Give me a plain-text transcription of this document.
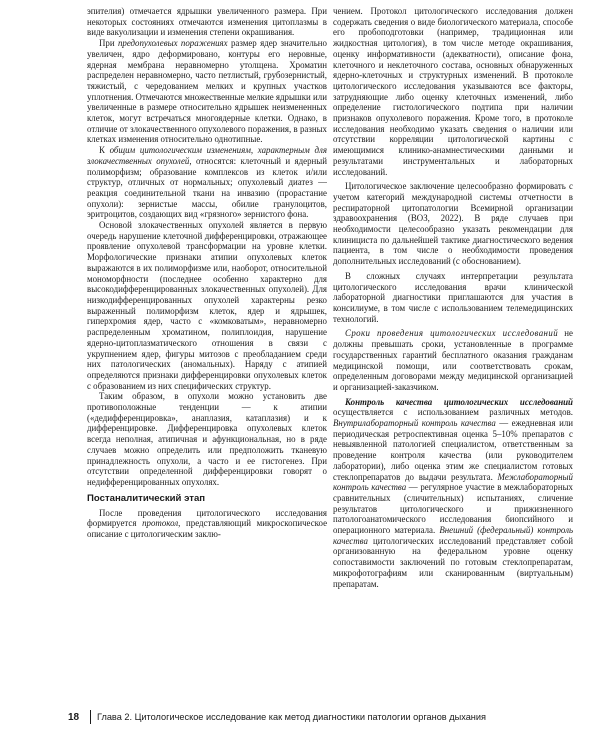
эпителия) отмечается ядрышки увеличенного размера. При некоторых состояниях отмечаются изменения цитоплазмы в виде вакуолизации и изменения степени окрашивания.

При предопухолевых поражениях размер ядер значительно увеличен, ядро деформировано, контуры его неровные, ядерная мембрана неравномерно утолщена. Хроматин распределен неравномерно, часто петлистый, грубозернистый, тяжистый, с чередованием мелких и крупных участков уплотнения. Отмечаются множественные мелкие ядрышки или увеличенные в размере относительно ядрышек неизмененных клеток, могут встречаться многоядерные клетки. Однако, в отличие от злокачественного опухолевого поражения, в разных клетках изменения относительно однотипные.

К общим цитологическим изменениям, характерным для злокачественных опухолей, относятся: клеточный и ядерный полиморфизм; образование комплексов из клеток и/или структур, отличных от нормальных; опухолевый диатез — реакция соединительной ткани на инвазию (прорастание опухоли): зернистые массы, обилие гранулоцитов, эритроцитов, создающих вид «грязного» зернистого фона.

Основой злокачественных опухолей является в первую очередь нарушение клеточной дифференцировки, отражающее проявление опухолевой трансформации на уровне клетки. Морфологические признаки атипии опухолевых клеток выражаются в их полиморфизме или, наоборот, относительной мономорфности (последнее особенно характерно для высокодифференцированных злокачественных опухолей). Для низкодифференцированных опухолей характерны резко выраженный полиморфизм клеток, ядер и ядрышек, гиперхромия ядер, часто с «комковатым», неравномерно распределенным хроматином, полиплоидия, нарушение ядерно-цитоплазматического отношения в связи с укрупнением ядер, фигуры митозов с преобладанием среди них патологических (аномальных). Наряду с атипией определяются признаки дифференцировки опухолевых клеток с образованием из них специфических структур.

Таким образом, в опухоли можно установить две противоположные тенденции — к атипии («дедифференцировка», анаплазия, катаплазия) и к дифференцировке. Дифференцировка опухолевых клеток всегда неполная, атипичная и афункциональная, но в ряде случаев можно определить или предположить тканевую принадлежность опухоли, а часто и ее гистогенез. При отсутствии определенной дифференцировки говорят о недифференцированных опухолях.

Постаналитический этап

После проведения цитологического исследования формируется протокол, представляющий микроскопическое описание с цитологическим заклю-

чением. Протокол цитологического исследования должен содержать сведения о виде биологического материала, способе его пробоподготовки (например, традиционная или жидкостная цитология), в том числе методе окрашивания, оценку информативности (адекватности), описание фона, клеточного и неклеточного состава, основных обнаруженных ядерно-клеточных и структурных изменений. В протоколе цитологического исследования указываются все факторы, затрудняющие либо оценку клеточных изменений, либо определение гистологического подтипа при наличии признаков опухолевого поражения. Кроме того, в протоколе исследования необходимо указать сведения о наличии или отсутствии корреляции цитологической картины с имеющимися клинико-анамнестическими данными и результатами инструментальных и лабораторных исследований.

Цитологическое заключение целесообразно формировать с учетом категорий международной системы отчетности в респираторной цитопатологии Всемирной организации здравоохранения (ВОЗ, 2022). В ряде случаев при необходимости целесообразно указать рекомендации для клинициста по дальнейшей тактике диагностического ведения пациента, в том числе о необходимости проведения дополнительных исследований (с обоснованием).

В сложных случаях интерпретации результата цитологического исследования врачи клинической лабораторной диагностики приглашаются для участия в консилиуме, в том числе с использованием телемедицинских технологий.

Сроки проведения цитологических исследований не должны превышать сроки, установленные в программе государственных гарантий бесплатного оказания гражданам медицинской помощи, или соответствовать срокам, определенным договорами между медицинской организацией и организацией-заказчиком.

Контроль качества цитологических исследований осуществляется с использованием различных методов. Внутрилабораторный контроль качества — ежедневная или периодическая ретроспективная оценка 5–10% препаратов с невыявленной патологией специалистом, ответственным за проведение контроля качества (или руководителем лаборатории), либо оценка этим же специалистом готовых стеклопрепаратов до выдачи результата. Межлабораторный контроль качества — регулярное участие в межлабораторных сравнительных (сличительных) испытаниях, сличение результатов цитологического и прижизненного патологоанатомического исследования биопсийного и операционного материала. Внешний (федеральный) контроль качества цитологических исследований представляет собой организованную на федеральном уровне оценку сопоставимости заключений по готовым стеклопрепаратам, микрофотографиям или сканированным (виртуальным) препаратам.

18	Глава 2. Цитологическое исследование как метод диагностики патологии органов дыхания
